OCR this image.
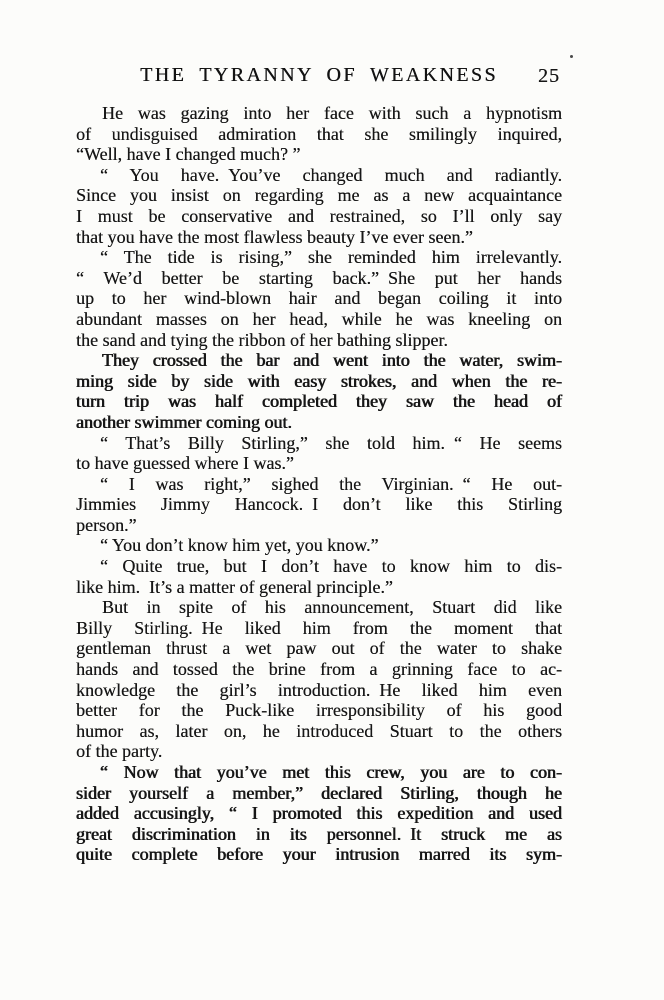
THE TYRANNY OF WEAKNESS	25
He was gazing into her face with such a hypnotism
of undisguised admiration that she smilingly inquired,
“Well, have I changed much? ”
“ You have. You’ve changed much and radiantly.
Since you insist on regarding me as a new acquaintance
I must be conservative and restrained, so I’ll only say
that you have the most flawless beauty I’ve ever seen.”
“ The tide is rising,” she reminded him irrelevantly.
“ We’d better be starting back.” She put her hands
up to her wind-blown hair and began coiling it into
abundant masses on her head, while he was kneeling on
the sand and tying the ribbon of her bathing slipper.
They crossed the bar and went into the water, swim-
ming side by side with easy strokes, and when the re-
turn trip was half completed they saw the head of
another swimmer coming out.
“ That’s Billy Stirling,” she told him. “ He seems
to have guessed where I was.”
“ I was right,” sighed the Virginian. “ He out-
Jimmies Jimmy Hancock. I don’t like this Stirling
person.”
“ You don’t know him yet, you know.”
“ Quite true, but I don’t have to know him to dis-
like him. It’s a matter of general principle.”
But in spite of his announcement, Stuart did like
Billy Stirling. He liked him from the moment that
gentleman thrust a wet paw out of the water to shake
hands and tossed the brine from a grinning face to ac-
knowledge the girl’s introduction. He liked him even
better for the Puck-like irresponsibility of his good
humor as, later on, he introduced Stuart to the others
of the party.
“ Now that you’ve met this crew, you are to con-
sider yourself a member,” declared Stirling, though he
added accusingly, “ I promoted this expedition and used
great discrimination in its personnel. It struck me as
quite complete before your intrusion marred its sym-
